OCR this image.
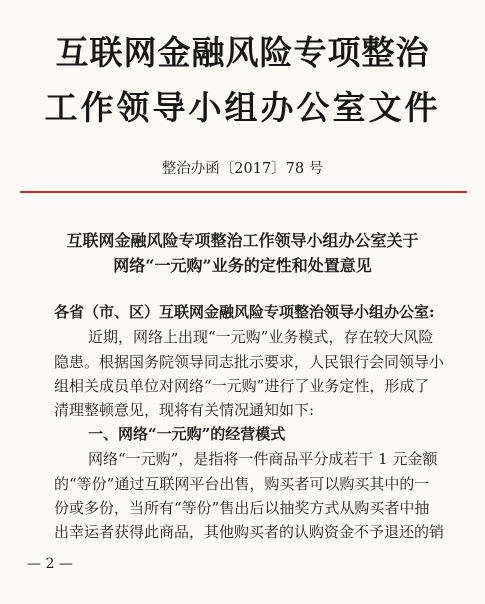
互联网金融风险专项整治
工作领导小组办公室文件
整治办函〔2017〕78 号
互联网金融风险专项整治工作领导小组办公室关于
网络“一元购”业务的定性和处置意见
各省（市、区）互联网金融风险专项整治领导小组办公室:
近期，网络上出现“一元购”业务模式，存在较大风险
隐患。根据国务院领导同志批示要求，人民银行会同领导小
组相关成员单位对网络“一元购”进行了业务定性，形成了
清理整顿意见，现将有关情况通知如下:
一、网络“一元购”的经营模式
网络“一元购”，是指将一件商品平分成若干 1 元金额
的“等份”通过互联网平台出售，购买者可以购买其中的一
份或多份，当所有“等份”售出后以抽奖方式从购买者中抽
出幸运者获得此商品，其他购买者的认购资金不予退还的销
— 2 —
